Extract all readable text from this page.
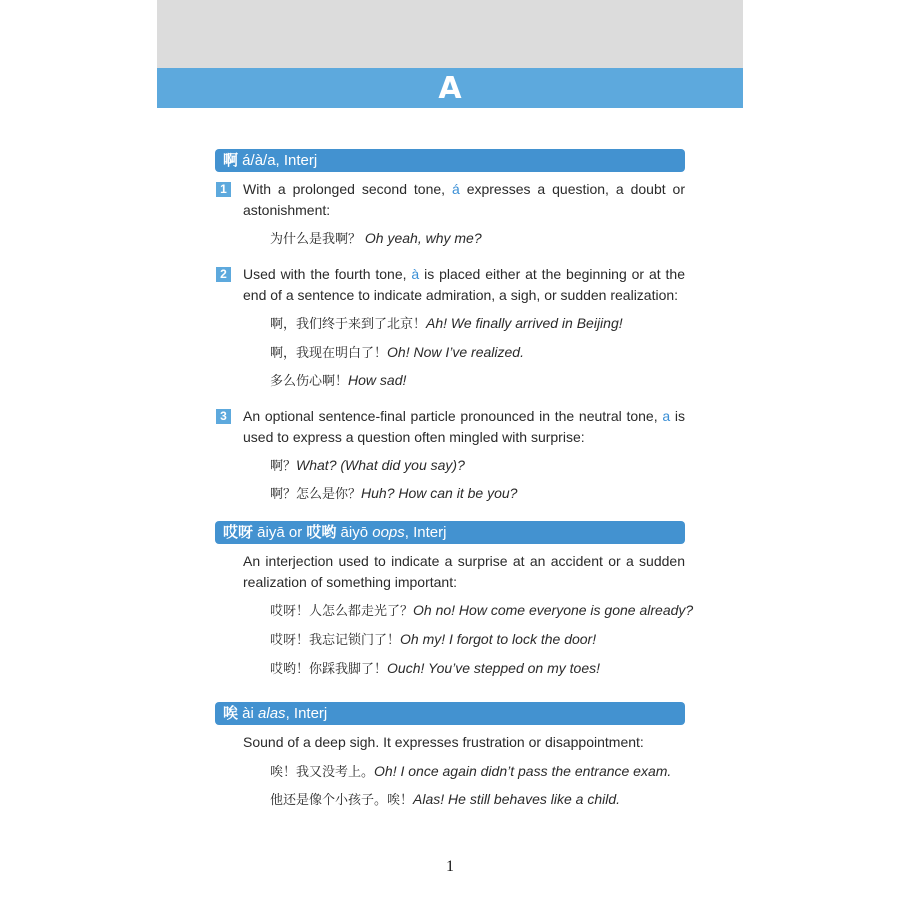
A
啊 á/à/a, Interj
1 With a prolonged second tone, á expresses a question, a doubt or astonishment:

为什么是我啊？ Oh yeah, why me?
2 Used with the fourth tone, à is placed either at the beginning or at the end of a sentence to indicate admiration, a sigh, or sudden realization:

啊，我们终于来到了北京！Ah! We finally arrived in Beijing!
啊，我现在明白了！Oh! Now I’ve realized.
多么伤心啊！How sad!
3 An optional sentence-final particle pronounced in the neutral tone, a is used to express a question often mingled with surprise:

啊？What? (What did you say)?
啊？怎么是你？Huh? How can it be you?
哎呀 āiyā or 哎哟 āiyō oops, Interj

An interjection used to indicate a surprise at an accident or a sudden realization of something important:

哎呀！人怎么都走光了？Oh no! How come everyone is gone already?
哎呀！我忘记锁门了！Oh my! I forgot to lock the door!
哎哟！你踩我脚了！Ouch! You’ve stepped on my toes!
唉 ài alas, Interj

Sound of a deep sigh. It expresses frustration or disappointment:

唉！我又没考上。Oh! I once again didn’t pass the entrance exam.
他还是像个小孩子。唉！Alas! He still behaves like a child.
1
